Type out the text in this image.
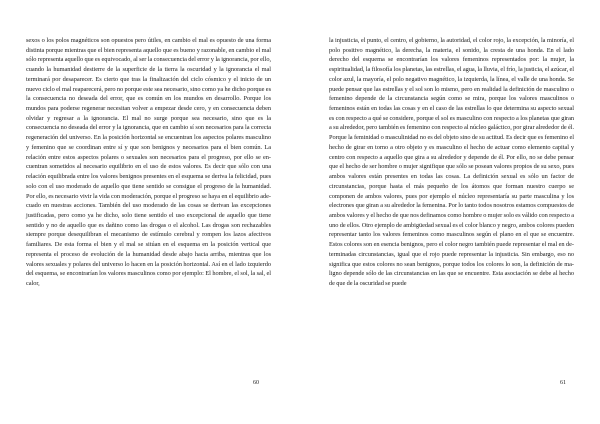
sexos o los polos magnéticos son opuestos pero útiles, en cambio el mal es opuesto de una forma distinta porque mientras que el bien representa aquello que es bueno y razonable, en cambio el mal sólo representa aquello que es equivocado, al ser la consecuencia del error y la ignorancia, por ello, cuando la humanidad destierre de la superficie de la tierra la oscuridad y la ignorancia el mal terminará por desaparecer. Es cierto que tras la finalización del ciclo cósmico y el inicio de un nuevo ciclo el mal reaparecerá, pero no porque este sea necesario, sino como ya he dicho porque es la consecuencia no deseada del error, que es común en los mundos en desarrollo. Porque los mundos para poderse regenerar necesitan volver a empezar desde cero, y en consecuencia deben olvidar y regresar a la ignorancia. El mal no surge porque sea necesario, sino que es la consecuencia no deseada del error y la ignorancia, que en cambio sí son necesarios para la correcta regeneración del universo. En la posición horizontal se encuentran los aspectos polares masculino y femenino que se coordinan entre sí y que son benignos y necesarios para el bien común. La relación entre estos aspectos polares o sexuales son necesarios para el progreso, por ello se encuentran sometidos al necesario equilibrio en el uso de estos valores. Es decir que sólo con una relación equilibrada entre los valores benignos presentes en el esquema se deriva la felicidad, pues solo con el uso moderado de aquello que tiene sentido se consigue el progreso de la humanidad. Por ello, es necesario vivir la vida con moderación, porque el progreso se haya en el equilibrio adecuado en nuestras acciones. También del uso moderado de las cosas se derivan las excepciones justificadas, pero como ya he dicho, solo tiene sentido el uso excepcional de aquello que tiene sentido y no de aquello que es dañino como las drogas o el alcohol. Las drogas son rechazables siempre porque desequilibran el mecanismo de estímulo cerebral y rompen los lazos afectivos familiares. De esta forma el bien y el mal se sitúan en el esquema en la posición vertical que representa el proceso de evolución de la humanidad desde abajo hacia arriba, mientras que los valores sexuales y polares del universo lo hacen en la posición horizontal. Así en el lado izquierdo del esquema, se encontrarían los valores masculinos como por ejemplo: El hombre, el sol, la sal, el calor,

60

la injusticia, el punto, el centro, el gobierno, la autoridad, el color rojo, la excepción, la minoría, el polo positivo magnético, la derecha, la materia, el sonido, la cresta de una honda. En el lado derecho del esquema se encontrarían los valores femeninos representados por: la mujer, la espiritualidad, la filosofía los planetas, las estrellas, el agua, la lluvia, el frío, la justicia, el azúcar, el color azul, la mayoría, el polo negativo magnético, la izquierda, la línea, el valle de una honda. Se puede pensar que las estrellas y el sol son lo mismo, pero en realidad la definición de masculino o femenino depende de la circunstancia según como se mira, porque los valores masculinos o femeninos están en todas las cosas y en el caso de las estrellas lo que determina su aspecto sexual es con respecto a qué se considere, porque el sol es masculino con respecto a los planetas que giran a su alrededor, pero también es femenino con respecto al núcleo galáctico, por girar alrededor de él. Porque la feminidad o masculinidad no es del objeto sino de su actitud. Es decir que es femenino el hecho de girar en torno a otro objeto y es masculino el hecho de actuar como elemento capital y centro con respecto a aquello que gira a su alrededor y depende de él. Por ello, no se debe pensar que el hecho de ser hombre o mujer signifique que sólo se posean valores propios de su sexo, pues ambos valores están presentes en todas las cosas. La definición sexual es sólo un factor de circunstancias, porque hasta el más pequeño de los átomos que forman nuestro cuerpo se componen de ambos valores, pues por ejemplo el núcleo representaría su parte masculina y los electrones que giran a su alrededor la femenina. Por lo tanto todos nosotros estamos compuestos de ambos valores y el hecho de que nos definamos como hombre o mujer solo es válido con respecto a uno de ellos. Otro ejemplo de ambigüedad sexual es el color blanco y negro, ambos colores pueden representar tanto los valores femeninos como masculinos según el plano en el que se encuentre. Estos colores son en esencia benignos, pero el color negro también puede representar el mal en determinadas circunstancias, igual que el rojo puede representar la injusticia. Sin embargo, eso no significa que estos colores no sean benignos, porque todos los colores lo son, la definición de maligno depende sólo de las circunstancias en las que se encuentre. Esta asociación se debe al hecho de que de la oscuridad se puede

61
